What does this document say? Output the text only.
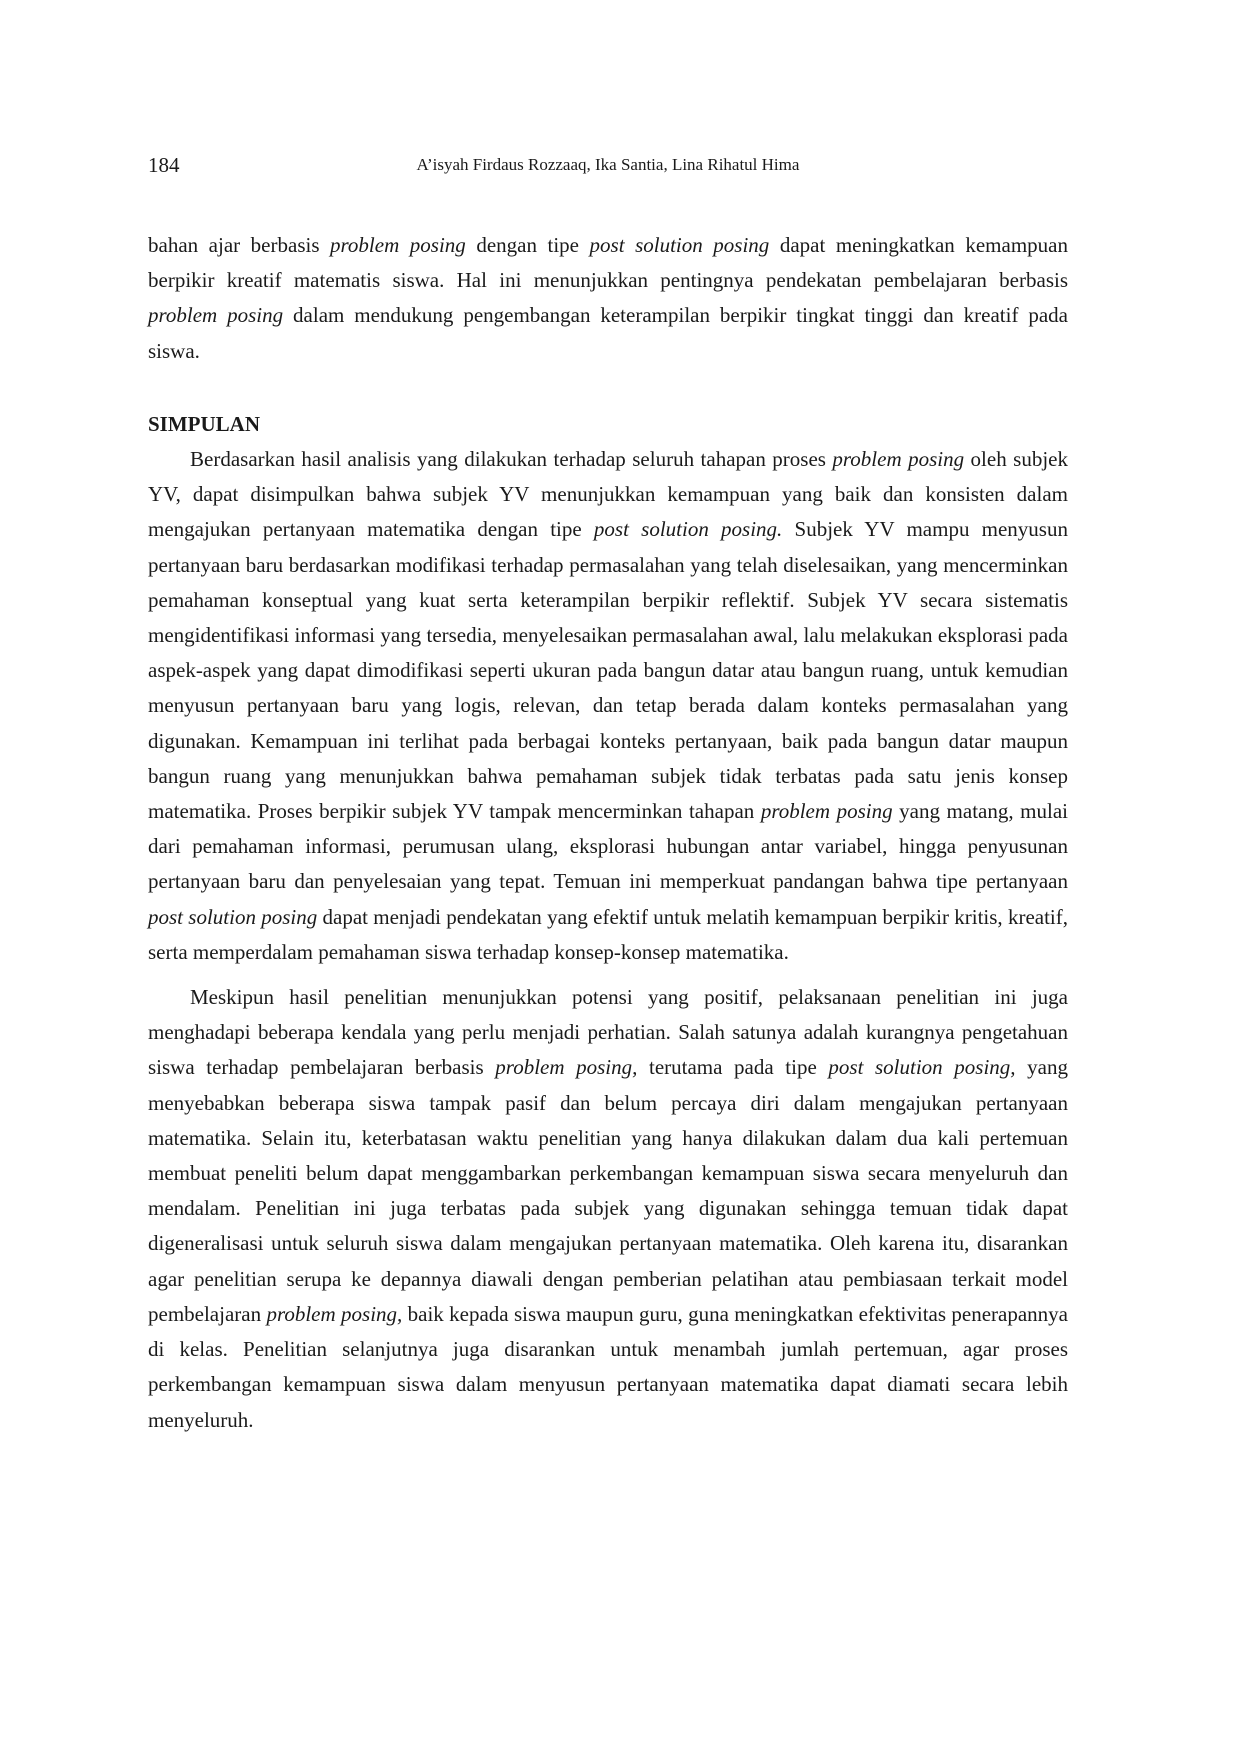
184	A’isyah Firdaus Rozzaaq, Ika Santia, Lina Rihatul Hima

bahan ajar berbasis problem posing dengan tipe post solution posing dapat meningkatkan kemampuan berpikir kreatif matematis siswa. Hal ini menunjukkan pentingnya pendekatan pembelajaran berbasis problem posing dalam mendukung pengembangan keterampilan berpikir tingkat tinggi dan kreatif pada siswa.

SIMPULAN

Berdasarkan hasil analisis yang dilakukan terhadap seluruh tahapan proses problem posing oleh subjek YV, dapat disimpulkan bahwa subjek YV menunjukkan kemampuan yang baik dan konsisten dalam mengajukan pertanyaan matematika dengan tipe post solution posing. Subjek YV mampu menyusun pertanyaan baru berdasarkan modifikasi terhadap permasalahan yang telah diselesaikan, yang mencerminkan pemahaman konseptual yang kuat serta keterampilan berpikir reflektif. Subjek YV secara sistematis mengidentifikasi informasi yang tersedia, menyelesaikan permasalahan awal, lalu melakukan eksplorasi pada aspek-aspek yang dapat dimodifikasi seperti ukuran pada bangun datar atau bangun ruang, untuk kemudian menyusun pertanyaan baru yang logis, relevan, dan tetap berada dalam konteks permasalahan yang digunakan. Kemampuan ini terlihat pada berbagai konteks pertanyaan, baik pada bangun datar maupun bangun ruang yang menunjukkan bahwa pemahaman subjek tidak terbatas pada satu jenis konsep matematika. Proses berpikir subjek YV tampak mencerminkan tahapan problem posing yang matang, mulai dari pemahaman informasi, perumusan ulang, eksplorasi hubungan antar variabel, hingga penyusunan pertanyaan baru dan penyelesaian yang tepat. Temuan ini memperkuat pandangan bahwa tipe pertanyaan post solution posing dapat menjadi pendekatan yang efektif untuk melatih kemampuan berpikir kritis, kreatif, serta memperdalam pemahaman siswa terhadap konsep-konsep matematika.

Meskipun hasil penelitian menunjukkan potensi yang positif, pelaksanaan penelitian ini juga menghadapi beberapa kendala yang perlu menjadi perhatian. Salah satunya adalah kurangnya pengetahuan siswa terhadap pembelajaran berbasis problem posing, terutama pada tipe post solution posing, yang menyebabkan beberapa siswa tampak pasif dan belum percaya diri dalam mengajukan pertanyaan matematika. Selain itu, keterbatasan waktu penelitian yang hanya dilakukan dalam dua kali pertemuan membuat peneliti belum dapat menggambarkan perkembangan kemampuan siswa secara menyeluruh dan mendalam. Penelitian ini juga terbatas pada subjek yang digunakan sehingga temuan tidak dapat digeneralisasi untuk seluruh siswa dalam mengajukan pertanyaan matematika. Oleh karena itu, disarankan agar penelitian serupa ke depannya diawali dengan pemberian pelatihan atau pembiasaan terkait model pembelajaran problem posing, baik kepada siswa maupun guru, guna meningkatkan efektivitas penerapannya di kelas. Penelitian selanjutnya juga disarankan untuk menambah jumlah pertemuan, agar proses perkembangan kemampuan siswa dalam menyusun pertanyaan matematika dapat diamati secara lebih menyeluruh.
